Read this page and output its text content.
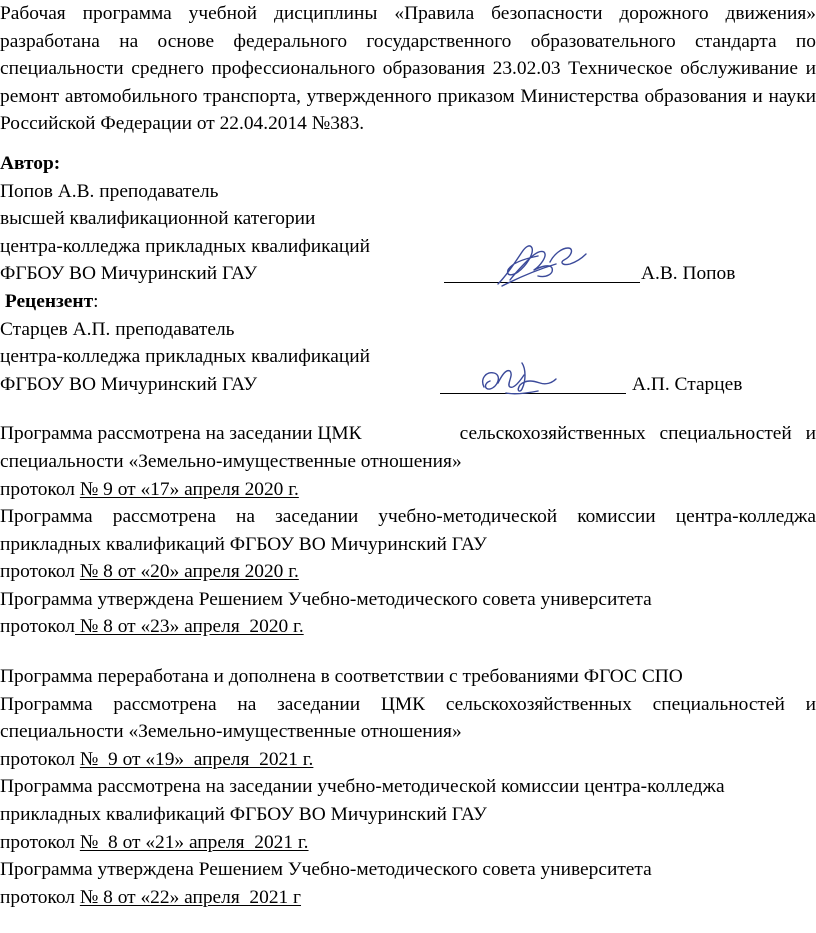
Рабочая программа учебной дисциплины «Правила безопасности дорожного движения» разработана на основе федерального государственного образовательного стандарта по специальности среднего профессионального образования 23.02.03 Техническое обслуживание и ремонт автомобильного транспорта, утвержденного приказом Министерства образования и науки Российской Федерации от 22.04.2014 №383.

Автор:
Попов А.В. преподаватель
высшей квалификационной категории
центра-колледжа прикладных квалификаций
ФГБОУ ВО Мичуринский ГАУ	А.В. Попов
Рецензент:
Старцев А.П. преподаватель
центра-колледжа прикладных квалификаций
ФГБОУ ВО Мичуринский ГАУ	А.П. Старцев
Программа рассмотрена на заседании ЦМК	сельскохозяйственных специальностей и
специальности «Земельно-имущественные отношения»
протокол № 9 от «17» апреля 2020 г.

Программа рассмотрена на заседании учебно-методической комиссии центра-колледжа прикладных квалификаций ФГБОУ ВО Мичуринский ГАУ

протокол № 8 от «20» апреля 2020 г.
Программа утверждена Решением Учебно-методического совета университета
протокол № 8 от «23» апреля  2020 г.
Программа переработана и дополнена в соответствии с требованиями ФГОС СПО

Программа рассмотрена на заседании ЦМК сельскохозяйственных специальностей и специальности «Земельно-имущественные отношения»

протокол №  9 от «19»  апреля  2021 г.
Программа рассмотрена на заседании учебно-методической комиссии центра-колледжа
прикладных квалификаций ФГБОУ ВО Мичуринский ГАУ
протокол №  8 от «21» апреля  2021 г.
Программа утверждена Решением Учебно-методического совета университета
протокол № 8 от «22» апреля  2021 г
